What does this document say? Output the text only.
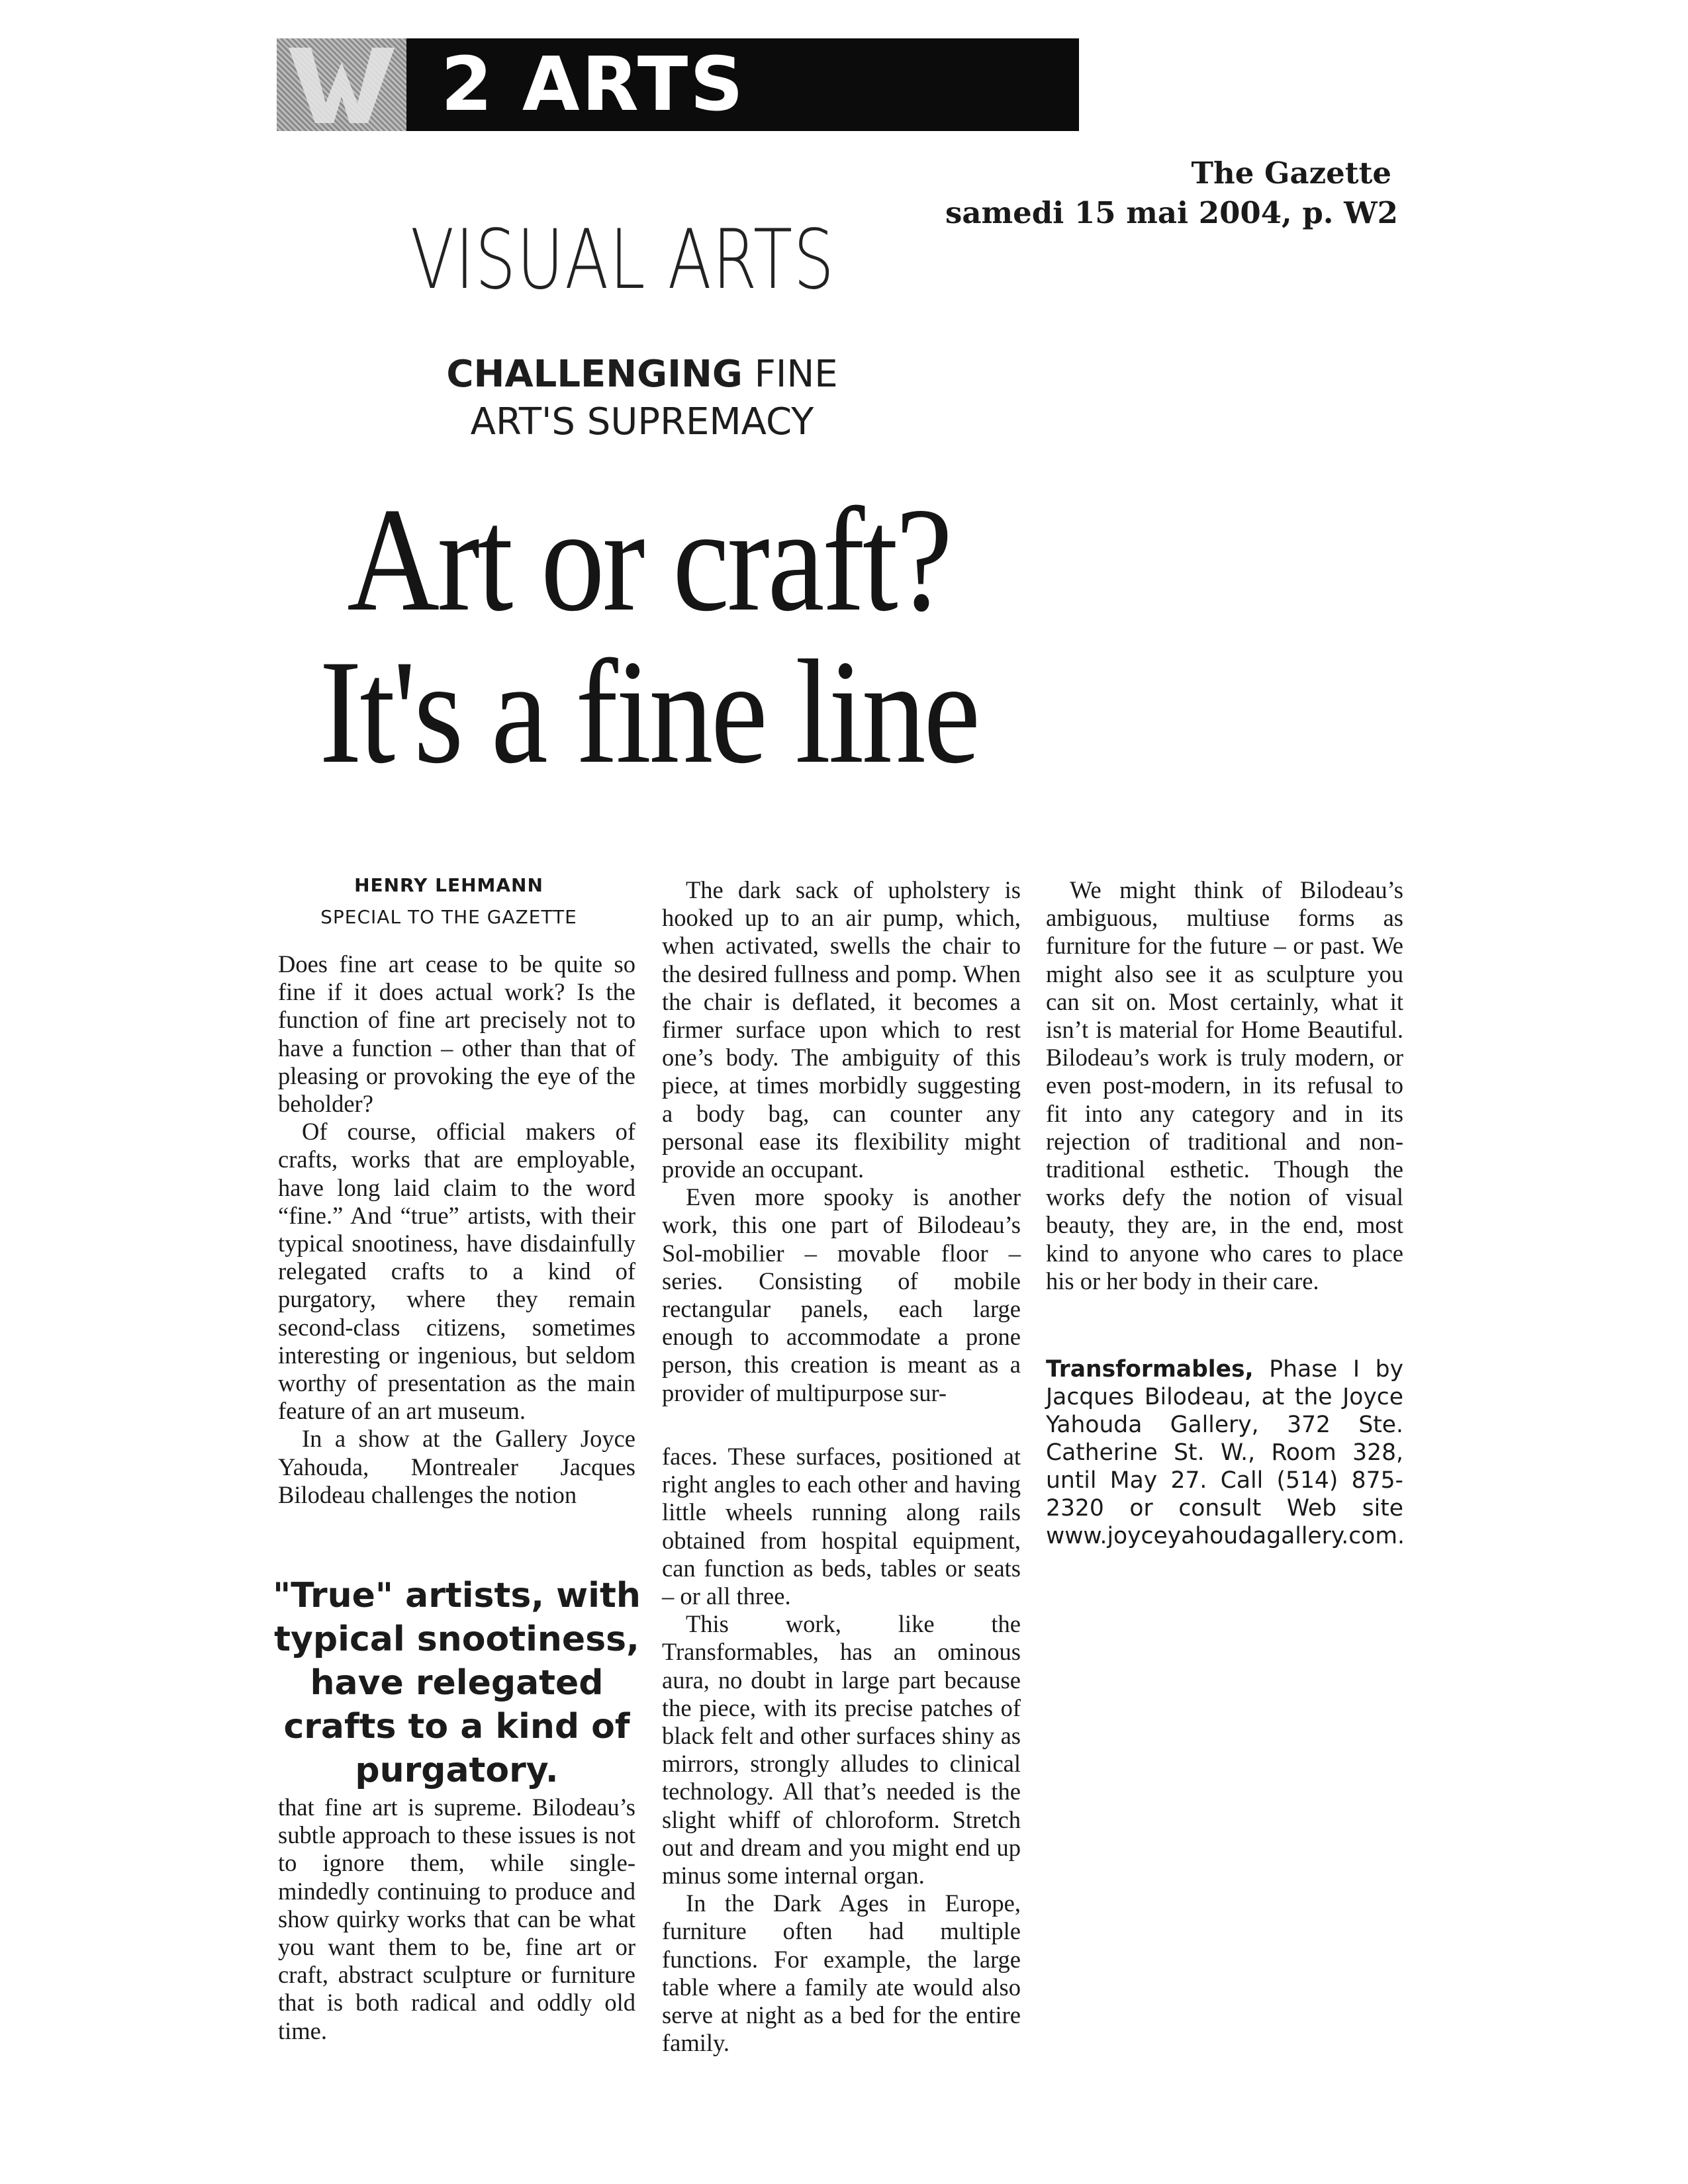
2 ARTS
The Gazette
samedi 15 mai 2004, p. W2
VISUAL ARTS
CHALLENGING FINE
ART'S SUPREMACY
Art or craft?
It's a fine line
HENRY LEHMANN
SPECIAL TO THE GAZETTE

Does fine art cease to be quite so fine if it does actual work? Is the function of fine art precisely not to have a function – other than that of pleasing or provoking the eye of the beholder?

Of course, official makers of crafts, works that are employable, have long laid claim to the word “fine.” And “true” artists, with their typical snootiness, have disdainfully relegated crafts to a kind of purgatory, where they remain second-class citizens, sometimes interesting or ingenious, but seldom worthy of presentation as the main feature of an art museum.

In a show at the Gallery Joyce Yahouda, Montrealer Jacques Bilodeau challenges the notion

"True" artists, with typical snootiness, have relegated crafts to a kind of purgatory.

that fine art is supreme. Bilodeau’s subtle approach to these issues is not to ignore them, while single-mindedly continuing to produce and show quirky works that can be what you want them to be, fine art or craft, abstract sculpture or furniture that is both radical and oddly old time.

The dark sack of upholstery is hooked up to an air pump, which, when activated, swells the chair to the desired fullness and pomp. When the chair is deflated, it becomes a firmer surface upon which to rest one’s body. The ambiguity of this piece, at times morbidly suggesting a body bag, can counter any personal ease its flexibility might provide an occupant.

Even more spooky is another work, this one part of Bilodeau’s Sol-mobilier – movable floor – series. Consisting of mobile rectangular panels, each large enough to accommodate a prone person, this creation is meant as a provider of multipurpose sur-

faces. These surfaces, positioned at right angles to each other and having little wheels running along rails obtained from hospital equipment, can function as beds, tables or seats – or all three.

This work, like the Transformables, has an ominous aura, no doubt in large part because the piece, with its precise patches of black felt and other surfaces shiny as mirrors, strongly alludes to clinical technology. All that’s needed is the slight whiff of chloroform. Stretch out and dream and you might end up minus some internal organ.

In the Dark Ages in Europe, furniture often had multiple functions. For example, the large table where a family ate would also serve at night as a bed for the entire family.

We might think of Bilodeau’s ambiguous, multiuse forms as furniture for the future – or past. We might also see it as sculpture you can sit on. Most certainly, what it isn’t is material for Home Beautiful. Bilodeau’s work is truly modern, or even post-modern, in its refusal to fit into any category and in its rejection of traditional and non-traditional esthetic. Though the works defy the notion of visual beauty, they are, in the end, most kind to anyone who cares to place his or her body in their care.

Transformables, Phase I by Jacques Bilodeau, at the Joyce Yahouda Gallery, 372 Ste. Catherine St. W., Room 328, until May 27. Call (514) 875-2320 or consult Web site www.joyceyahoudagallery.com.
